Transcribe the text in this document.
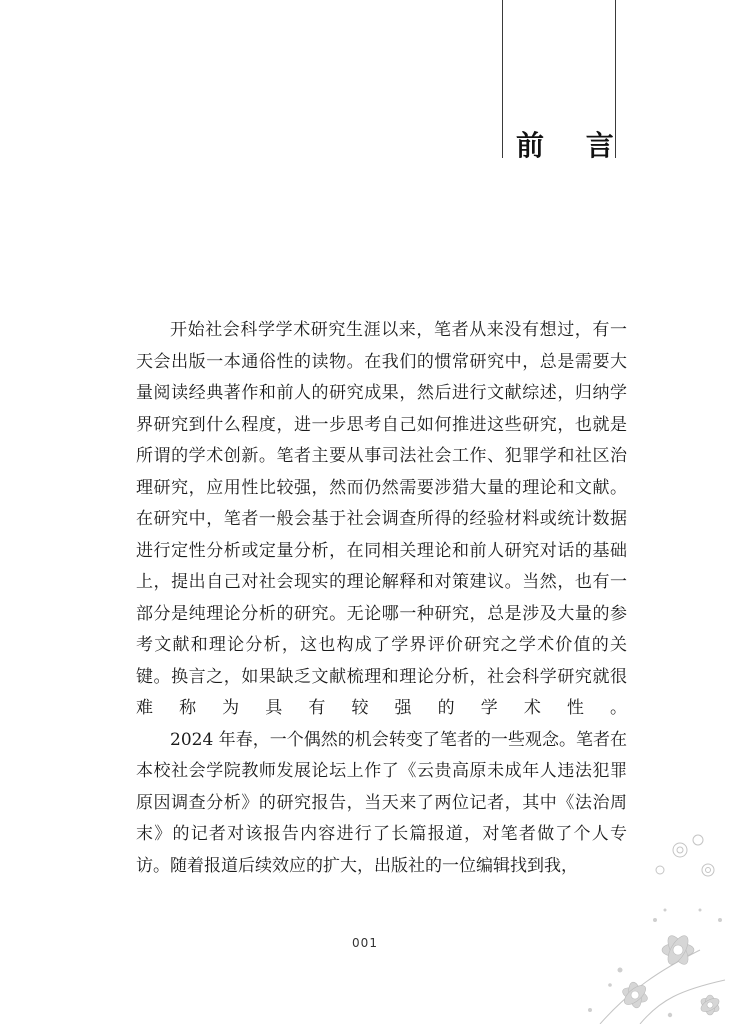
前 言

开始社会科学学术研究生涯以来，笔者从来没有想过，有一天会出版一本通俗性的读物。在我们的惯常研究中，总是需要大量阅读经典著作和前人的研究成果，然后进行文献综述，归纳学界研究到什么程度，进一步思考自己如何推进这些研究，也就是所谓的学术创新。笔者主要从事司法社会工作、犯罪学和社区治理研究，应用性比较强，然而仍然需要涉猎大量的理论和文献。在研究中，笔者一般会基于社会调查所得的经验材料或统计数据进行定性分析或定量分析，在同相关理论和前人研究对话的基础上，提出自己对社会现实的理论解释和对策建议。当然，也有一部分是纯理论分析的研究。无论哪一种研究，总是涉及大量的参考文献和理论分析，这也构成了学界评价研究之学术价值的关键。换言之，如果缺乏文献梳理和理论分析，社会科学研究就很难称为具有较强的学术性。

2024 年春，一个偶然的机会转变了笔者的一些观念。笔者在本校社会学院教师发展论坛上作了《云贵高原未成年人违法犯罪原因调查分析》的研究报告，当天来了两位记者，其中《法治周末》的记者对该报告内容进行了长篇报道，对笔者做了个人专访。随着报道后续效应的扩大，出版社的一位编辑找到我，

001
